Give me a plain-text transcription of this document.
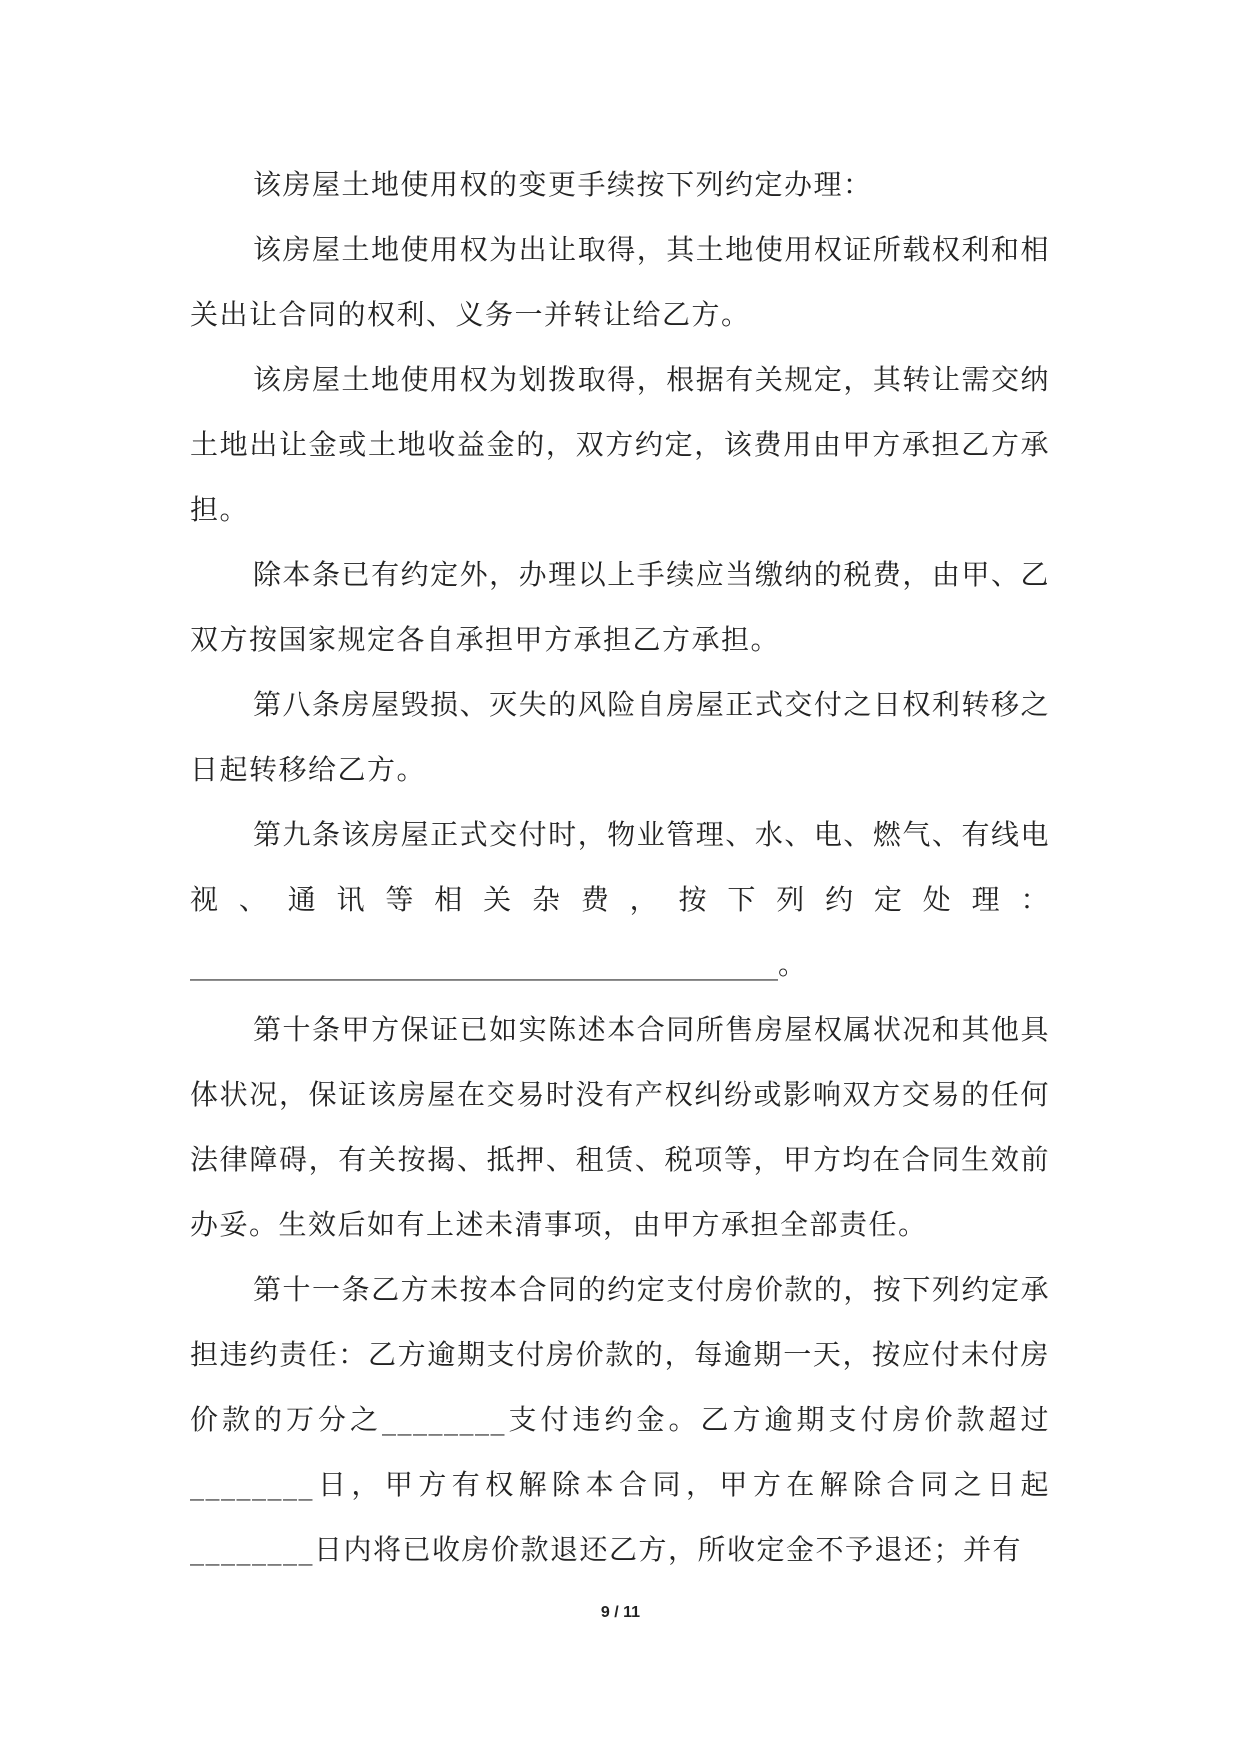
该房屋土地使用权的变更手续按下列约定办理：

该房屋土地使用权为出让取得，其土地使用权证所载权利和相关出让合同的权利、义务一并转让给乙方。

该房屋土地使用权为划拨取得，根据有关规定，其转让需交纳土地出让金或土地收益金的，双方约定，该费用由甲方承担乙方承担。

除本条已有约定外，办理以上手续应当缴纳的税费，由甲、乙双方按国家规定各自承担甲方承担乙方承担。

第八条房屋毁损、灭失的风险自房屋正式交付之日权利转移之日起转移给乙方。

第九条该房屋正式交付时，物业管理、水、电、燃气、有线电视、通讯等相关杂费，按下列约定处理：

__________________________________________。

第十条甲方保证已如实陈述本合同所售房屋权属状况和其他具体状况，保证该房屋在交易时没有产权纠纷或影响双方交易的任何法律障碍，有关按揭、抵押、租赁、税项等，甲方均在合同生效前办妥。生效后如有上述未清事项，由甲方承担全部责任。

第十一条乙方未按本合同的约定支付房价款的，按下列约定承担违约责任：乙方逾期支付房价款的，每逾期一天，按应付未付房价款的万分之________支付违约金。乙方逾期支付房价款超过________日，甲方有权解除本合同，甲方在解除合同之日起________日内将已收房价款退还乙方，所收定金不予退还；并有

9 / 11
